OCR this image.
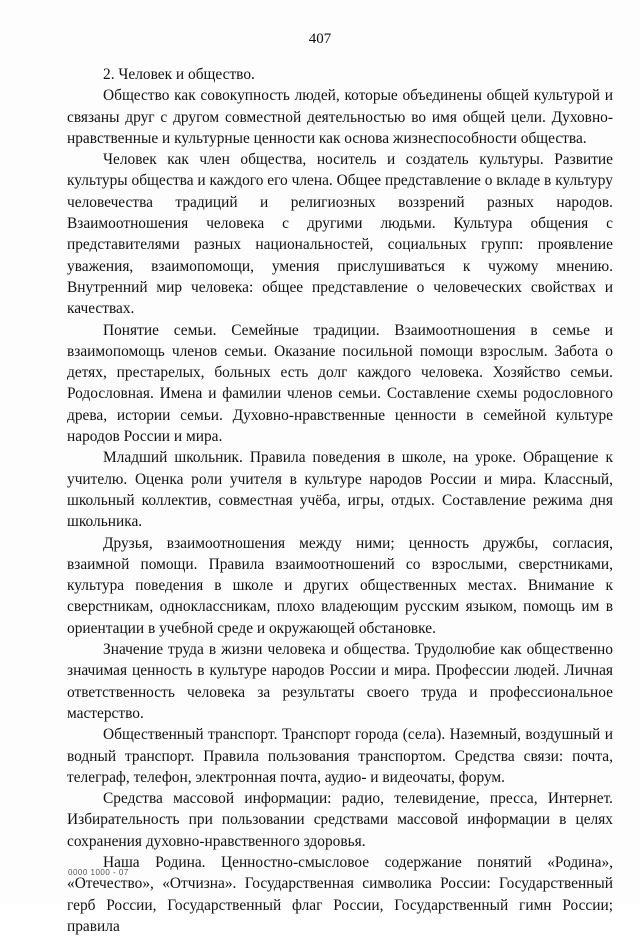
407

2. Человек и общество.

Общество как совокупность людей, которые объединены общей культурой и связаны друг с другом совместной деятельностью во имя общей цели. Духовно-нравственные и культурные ценности как основа жизнеспособности общества.

Человек как член общества, носитель и создатель культуры. Развитие культуры общества и каждого его члена. Общее представление о вкладе в культуру человечества традиций и религиозных воззрений разных народов. Взаимоотношения человека с другими людьми. Культура общения с представителями разных национальностей, социальных групп: проявление уважения, взаимопомощи, умения прислушиваться к чужому мнению. Внутренний мир человека: общее представление о человеческих свойствах и качествах.

Понятие семьи. Семейные традиции. Взаимоотношения в семье и взаимопомощь членов семьи. Оказание посильной помощи взрослым. Забота о детях, престарелых, больных есть долг каждого человека. Хозяйство семьи. Родословная. Имена и фамилии членов семьи. Составление схемы родословного древа, истории семьи. Духовно-нравственные ценности в семейной культуре народов России и мира.

Младший школьник. Правила поведения в школе, на уроке. Обращение к учителю. Оценка роли учителя в культуре народов России и мира. Классный, школьный коллектив, совместная учёба, игры, отдых. Составление режима дня школьника.

Друзья, взаимоотношения между ними; ценность дружбы, согласия, взаимной помощи. Правила взаимоотношений со взрослыми, сверстниками, культура поведения в школе и других общественных местах. Внимание к сверстникам, одноклассникам, плохо владеющим русским языком, помощь им в ориентации в учебной среде и окружающей обстановке.

Значение труда в жизни человека и общества. Трудолюбие как общественно значимая ценность в культуре народов России и мира. Профессии людей. Личная ответственность человека за результаты своего труда и профессиональное мастерство.

Общественный транспорт. Транспорт города (села). Наземный, воздушный и водный транспорт. Правила пользования транспортом. Средства связи: почта, телеграф, телефон, электронная почта, аудио- и видеочаты, форум.

Средства массовой информации: радио, телевидение, пресса, Интернет. Избирательность при пользовании средствами массовой информации в целях сохранения духовно-нравственного здоровья.

Наша Родина. Ценностно-смысловое содержание понятий «Родина», «Отечество», «Отчизна». Государственная символика России: Государственный герб России, Государственный флаг России, Государственный гимн России; правила

0000 1000 - 07
